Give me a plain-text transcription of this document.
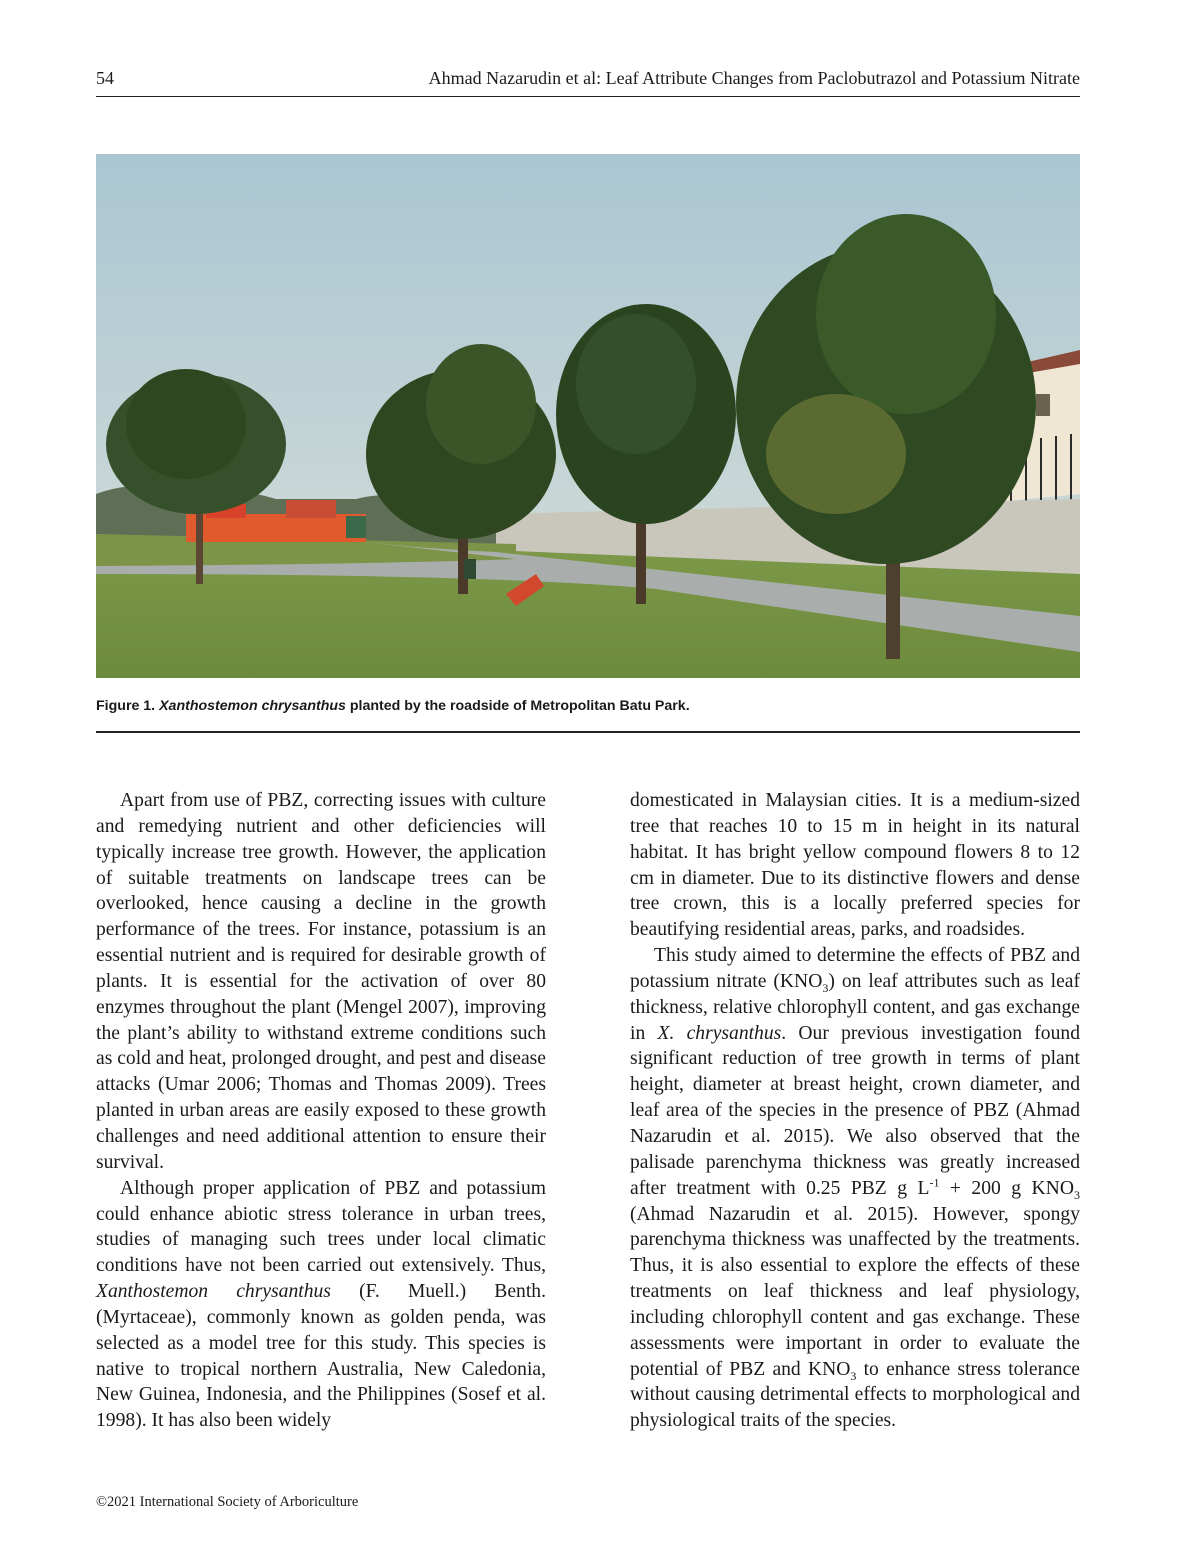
54	Ahmad Nazarudin et al: Leaf Attribute Changes from Paclobutrazol and Potassium Nitrate
Figure 1. Xanthostemon chrysanthus planted by the roadside of Metropolitan Batu Park.

Apart from use of PBZ, correcting issues with culture and remedying nutrient and other deficiencies will typically increase tree growth. However, the application of suitable treatments on landscape trees can be overlooked, hence causing a decline in the growth performance of the trees. For instance, potassium is an essential nutrient and is required for desirable growth of plants. It is essential for the activation of over 80 enzymes throughout the plant (Mengel 2007), improving the plant’s ability to withstand extreme conditions such as cold and heat, prolonged drought, and pest and disease attacks (Umar 2006; Thomas and Thomas 2009). Trees planted in urban areas are easily exposed to these growth challenges and need additional attention to ensure their survival.

Although proper application of PBZ and potassium could enhance abiotic stress tolerance in urban trees, studies of managing such trees under local climatic conditions have not been carried out extensively. Thus, Xanthostemon chrysanthus (F. Muell.) Benth. (Myrtaceae), commonly known as golden penda, was selected as a model tree for this study. This species is native to tropical northern Australia, New Caledonia, New Guinea, Indonesia, and the Philippines (Sosef et al. 1998). It has also been widely

domesticated in Malaysian cities. It is a medium-sized tree that reaches 10 to 15 m in height in its natural habitat. It has bright yellow compound flowers 8 to 12 cm in diameter. Due to its distinctive flowers and dense tree crown, this is a locally preferred species for beautifying residential areas, parks, and roadsides.

This study aimed to determine the effects of PBZ and potassium nitrate $(KNO_3)$ on leaf attributes such as leaf thickness, relative chlorophyll content, and gas exchange in X. chrysanthus. Our previous investigation found significant reduction of tree growth in terms of plant height, diameter at breast height, crown diameter, and leaf area of the species in the presence of PBZ (Ahmad Nazarudin et al. 2015). We also observed that the palisade parenchyma thickness was greatly increased after treatment with 0.25 PBZ g $L^{-1} + 200$ g $KNO_3$ (Ahmad Nazarudin et al. 2015). However, spongy parenchyma thickness was unaffected by the treatments. Thus, it is also essential to explore the effects of these treatments on leaf thickness and leaf physiology, including chlorophyll content and gas exchange. These assessments were important in order to evaluate the potential of PBZ and $KNO_3$ to enhance stress tolerance without causing detrimental effects to morphological and physiological traits of the species.

©2021 International Society of Arboriculture
